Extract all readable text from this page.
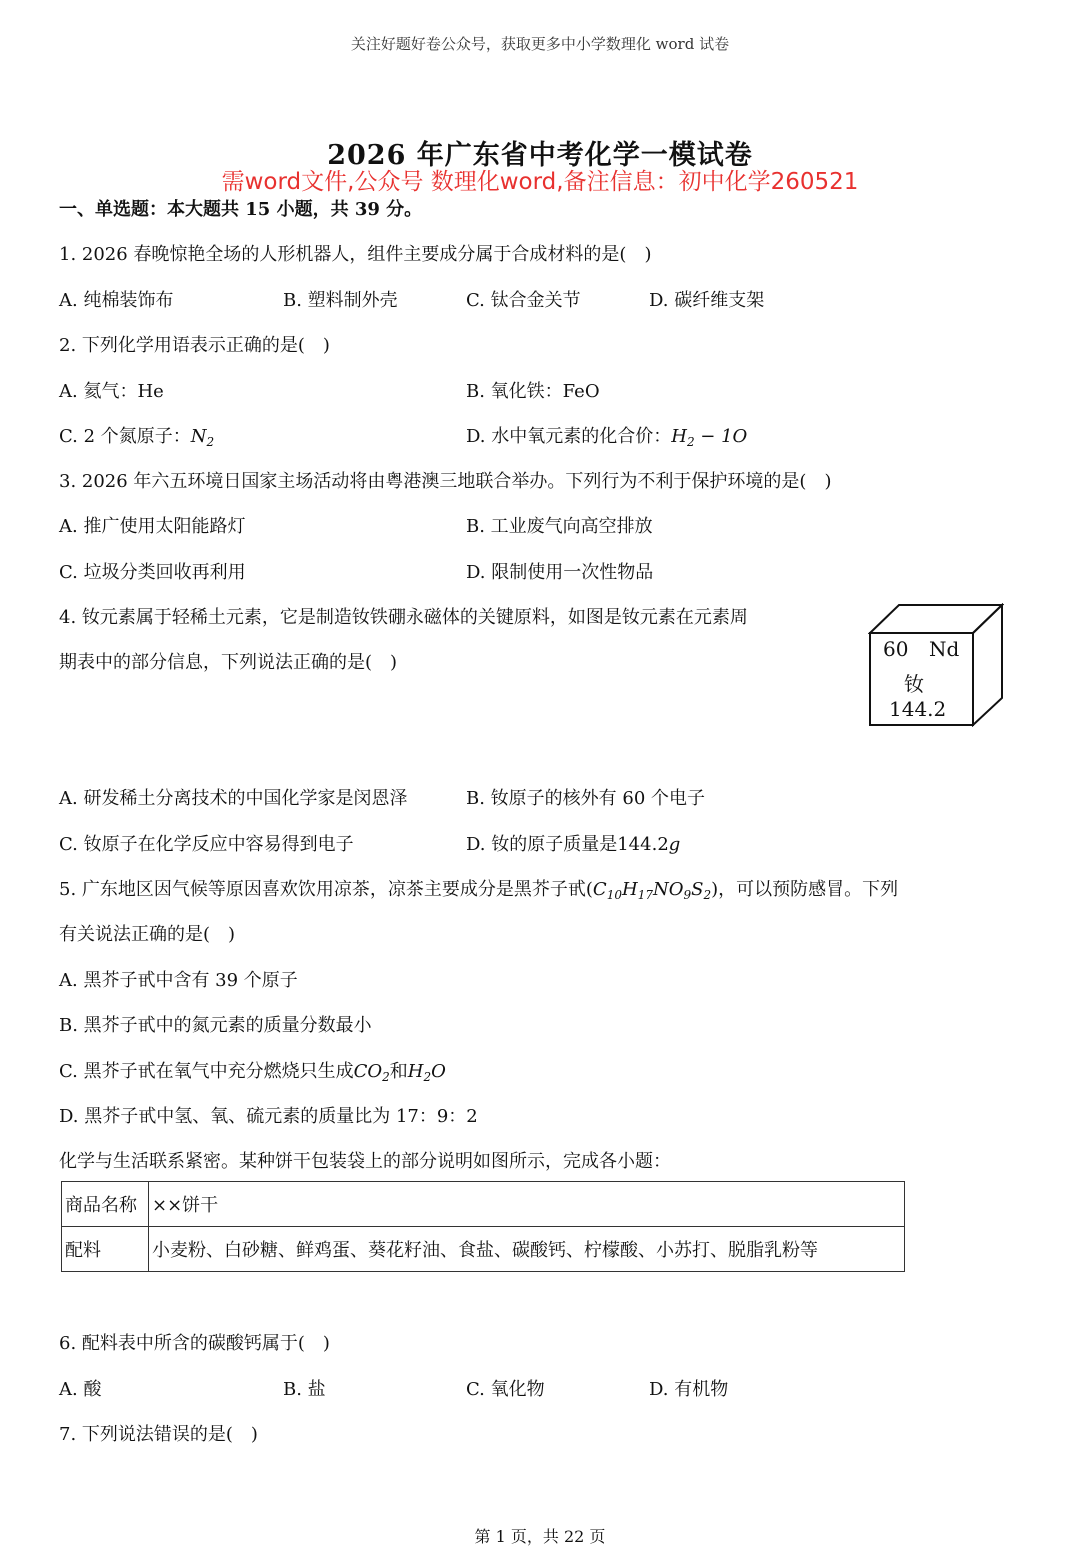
关注好题好卷公众号，获取更多中小学数理化 word 试卷
2026 年广东省中考化学一模试卷
需word文件,公众号 数理化word,备注信息：初中化学260521
一、单选题：本大题共 15 小题，共 39 分。
1. 2026 春晚惊艳全场的人形机器人，组件主要成分属于合成材料的是( )
A. 纯棉装饰布	B. 塑料制外壳	C. 钛合金关节	D. 碳纤维支架
2. 下列化学用语表示正确的是( )
A. 氦气：He	B. 氧化铁：FeO
C. 2 个氮原子：$N_2$	D. 水中氧元素的化合价：$H_2 - 1O$
3. 2026 年六五环境日国家主场活动将由粤港澳三地联合举办。下列行为不利于保护环境的是( )
A. 推广使用太阳能路灯	B. 工业废气向高空排放
C. 垃圾分类回收再利用	D. 限制使用一次性物品
4. 钕元素属于轻稀土元素，它是制造钕铁硼永磁体的关键原料，如图是钕元素在元素周
期表中的部分信息，下列说法正确的是( )
60 Nd
钕
144.2
A. 研发稀土分离技术的中国化学家是闵恩泽	B. 钕原子的核外有 60 个电子
C. 钕原子在化学反应中容易得到电子	D. 钕的原子质量是144.2g
5. 广东地区因气候等原因喜欢饮用凉茶，凉茶主要成分是黑芥子甙$(C_{10}H_{17}NO_9S_2)$，可以预防感冒。下列
有关说法正确的是( )
A. 黑芥子甙中含有 39 个原子
B. 黑芥子甙中的氮元素的质量分数最小
C. 黑芥子甙在氧气中充分燃烧只生成$CO_2$和$H_2O$
D. 黑芥子甙中氢、氧、硫元素的质量比为 17：9：2
化学与生活联系紧密。某种饼干包装袋上的部分说明如图所示，完成各小题：
商品名称	××饼干
配料	小麦粉、白砂糖、鲜鸡蛋、葵花籽油、食盐、碳酸钙、柠檬酸、小苏打、脱脂乳粉等
6. 配料表中所含的碳酸钙属于( )
A. 酸	B. 盐	C. 氧化物	D. 有机物
7. 下列说法错误的是( )
第 1 页，共 22 页
